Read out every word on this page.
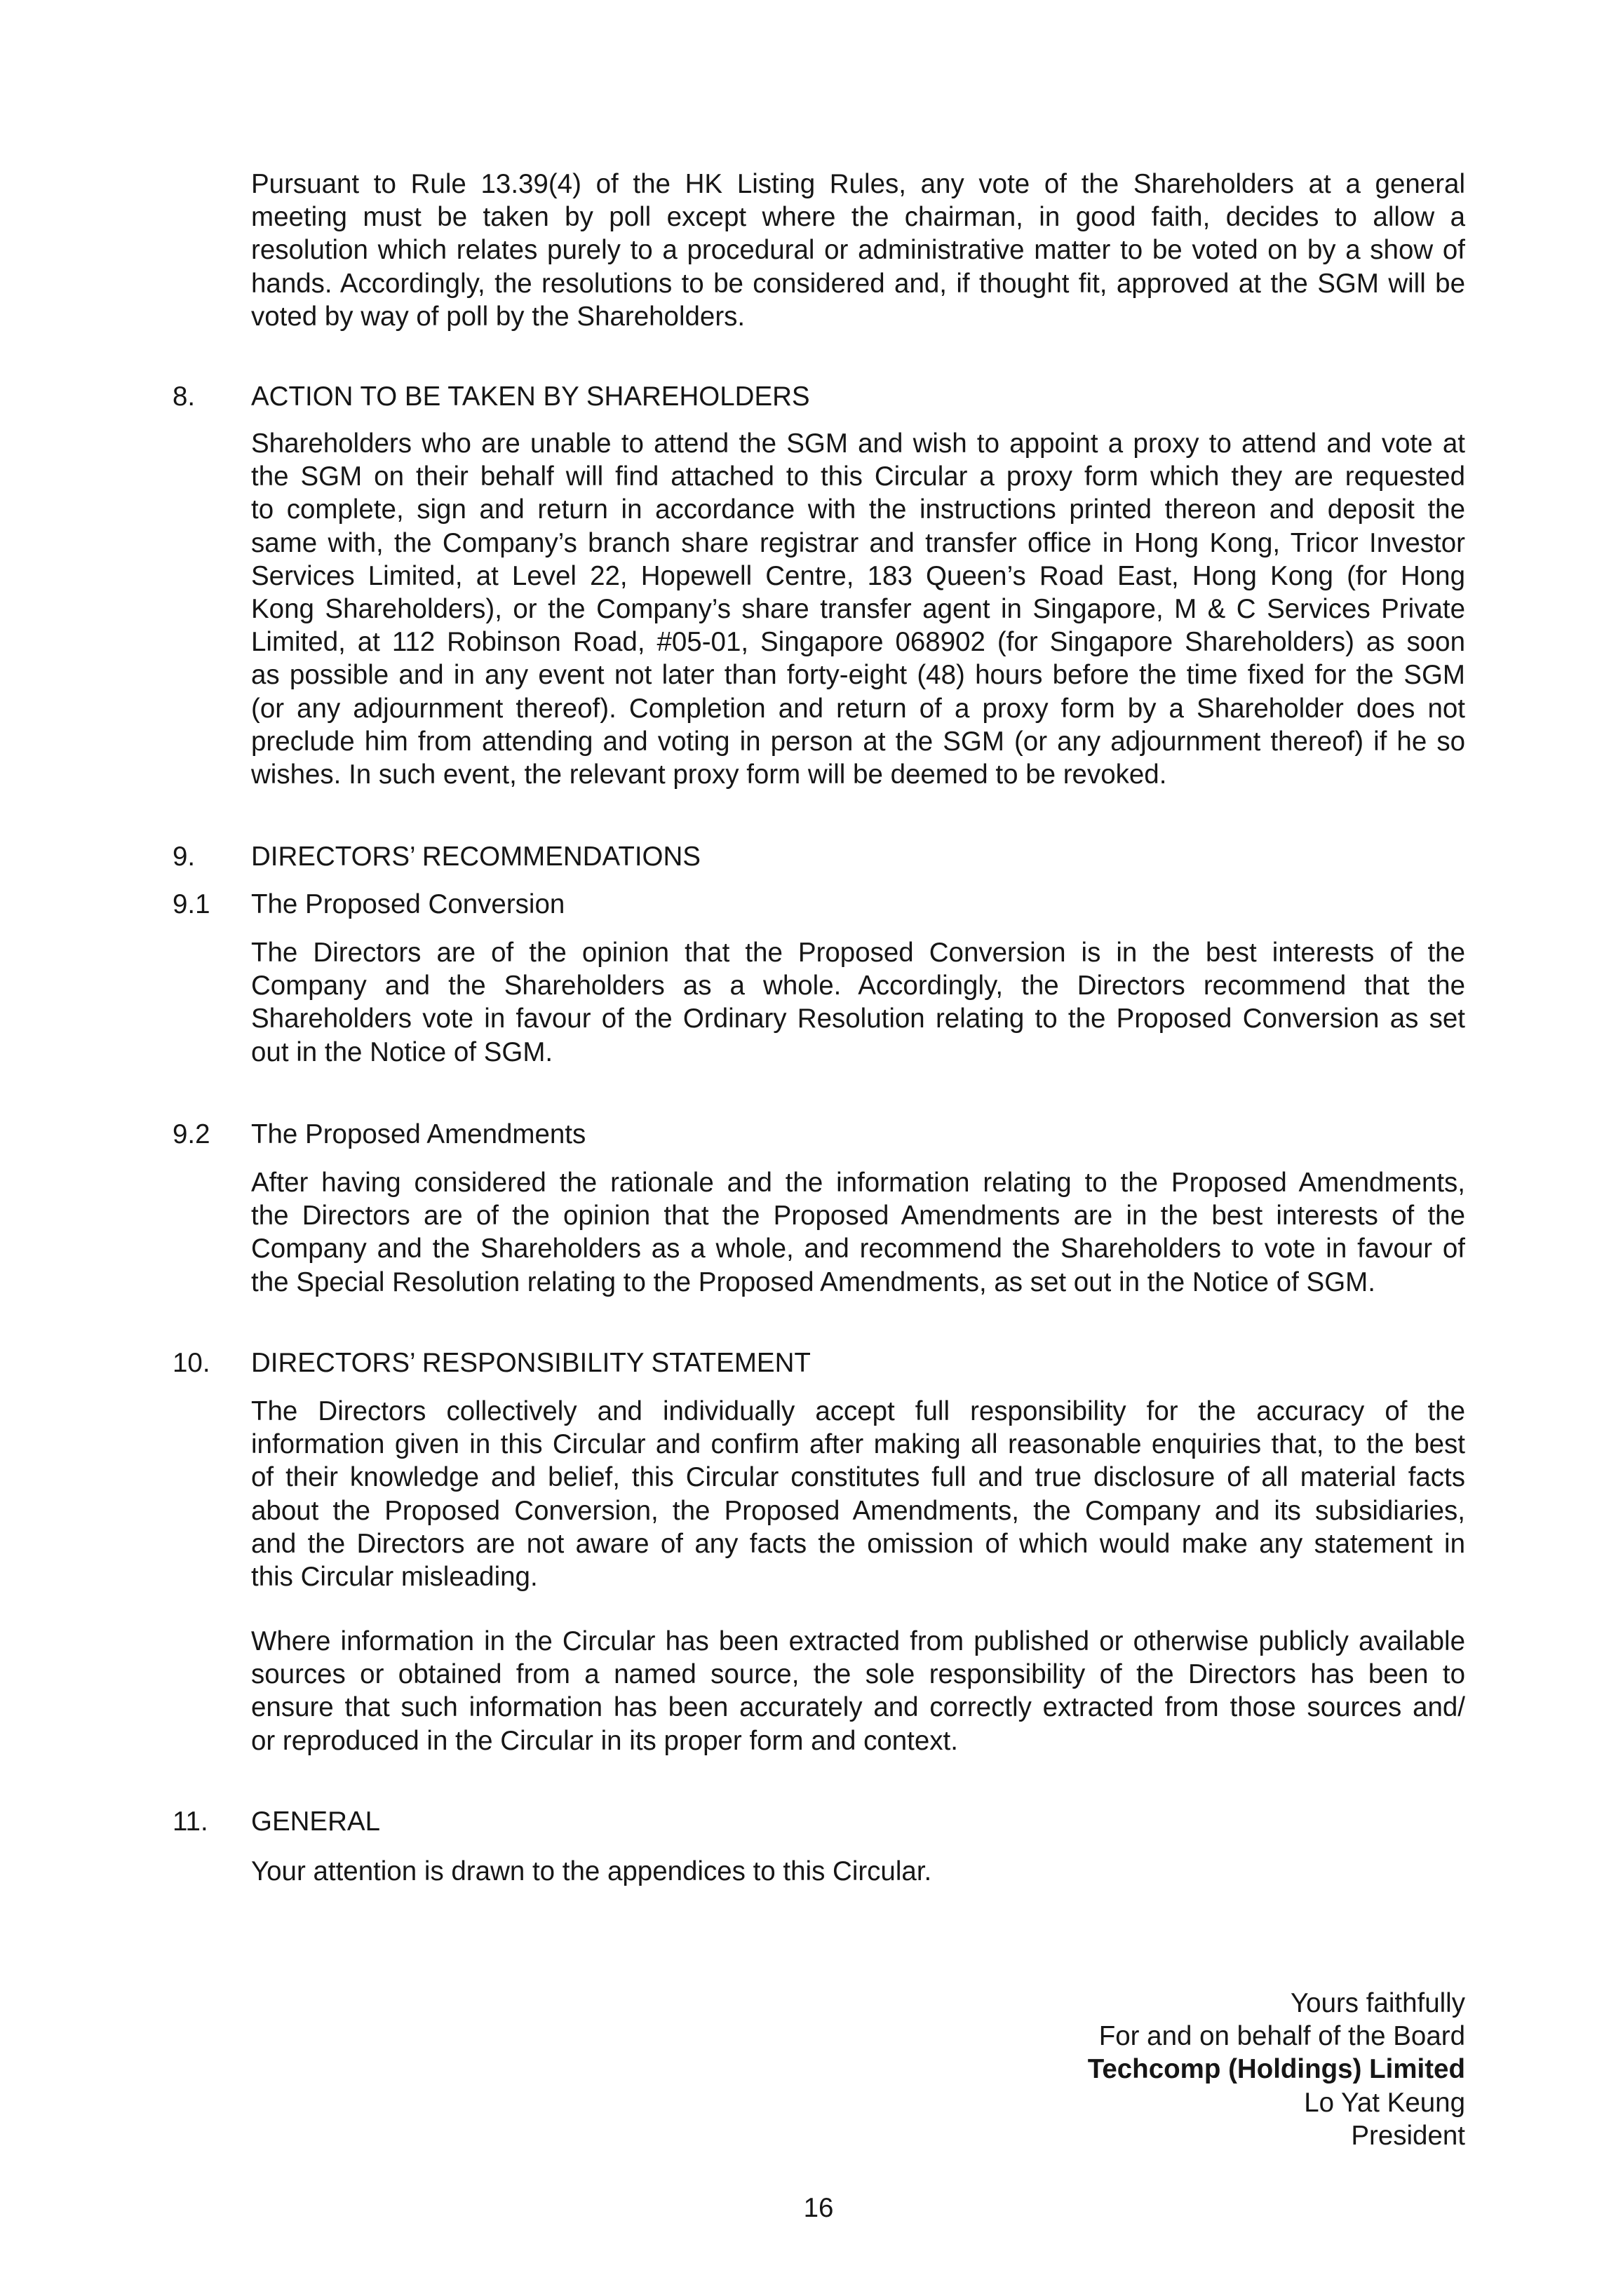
Pursuant to Rule 13.39(4) of the HK Listing Rules, any vote of the Shareholders at a general
meeting must be taken by poll except where the chairman, in good faith, decides to allow a
resolution which relates purely to a procedural or administrative matter to be voted on by a show of
hands. Accordingly, the resolutions to be considered and, if thought fit, approved at the SGM will be
voted by way of poll by the Shareholders.
8. ACTION TO BE TAKEN BY SHAREHOLDERS
Shareholders who are unable to attend the SGM and wish to appoint a proxy to attend and vote at
the SGM on their behalf will find attached to this Circular a proxy form which they are requested
to complete, sign and return in accordance with the instructions printed thereon and deposit the
same with, the Company’s branch share registrar and transfer office in Hong Kong, Tricor Investor
Services Limited, at Level 22, Hopewell Centre, 183 Queen’s Road East, Hong Kong (for Hong
Kong Shareholders), or the Company’s share transfer agent in Singapore, M & C Services Private
Limited, at 112 Robinson Road, #05-01, Singapore 068902 (for Singapore Shareholders) as soon
as possible and in any event not later than forty-eight (48) hours before the time fixed for the SGM
(or any adjournment thereof). Completion and return of a proxy form by a Shareholder does not
preclude him from attending and voting in person at the SGM (or any adjournment thereof) if he so
wishes. In such event, the relevant proxy form will be deemed to be revoked.
9. DIRECTORS’ RECOMMENDATIONS
9.1 The Proposed Conversion
The Directors are of the opinion that the Proposed Conversion is in the best interests of the
Company and the Shareholders as a whole. Accordingly, the Directors recommend that the
Shareholders vote in favour of the Ordinary Resolution relating to the Proposed Conversion as set
out in the Notice of SGM.
9.2 The Proposed Amendments
After having considered the rationale and the information relating to the Proposed Amendments,
the Directors are of the opinion that the Proposed Amendments are in the best interests of the
Company and the Shareholders as a whole, and recommend the Shareholders to vote in favour of
the Special Resolution relating to the Proposed Amendments, as set out in the Notice of SGM.
10. DIRECTORS’ RESPONSIBILITY STATEMENT
The Directors collectively and individually accept full responsibility for the accuracy of the
information given in this Circular and confirm after making all reasonable enquiries that, to the best
of their knowledge and belief, this Circular constitutes full and true disclosure of all material facts
about the Proposed Conversion, the Proposed Amendments, the Company and its subsidiaries,
and the Directors are not aware of any facts the omission of which would make any statement in
this Circular misleading.
Where information in the Circular has been extracted from published or otherwise publicly available
sources or obtained from a named source, the sole responsibility of the Directors has been to
ensure that such information has been accurately and correctly extracted from those sources and/
or reproduced in the Circular in its proper form and context.
11. GENERAL
Your attention is drawn to the appendices to this Circular.
Yours faithfully
For and on behalf of the Board
Techcomp (Holdings) Limited
Lo Yat Keung
President
16
